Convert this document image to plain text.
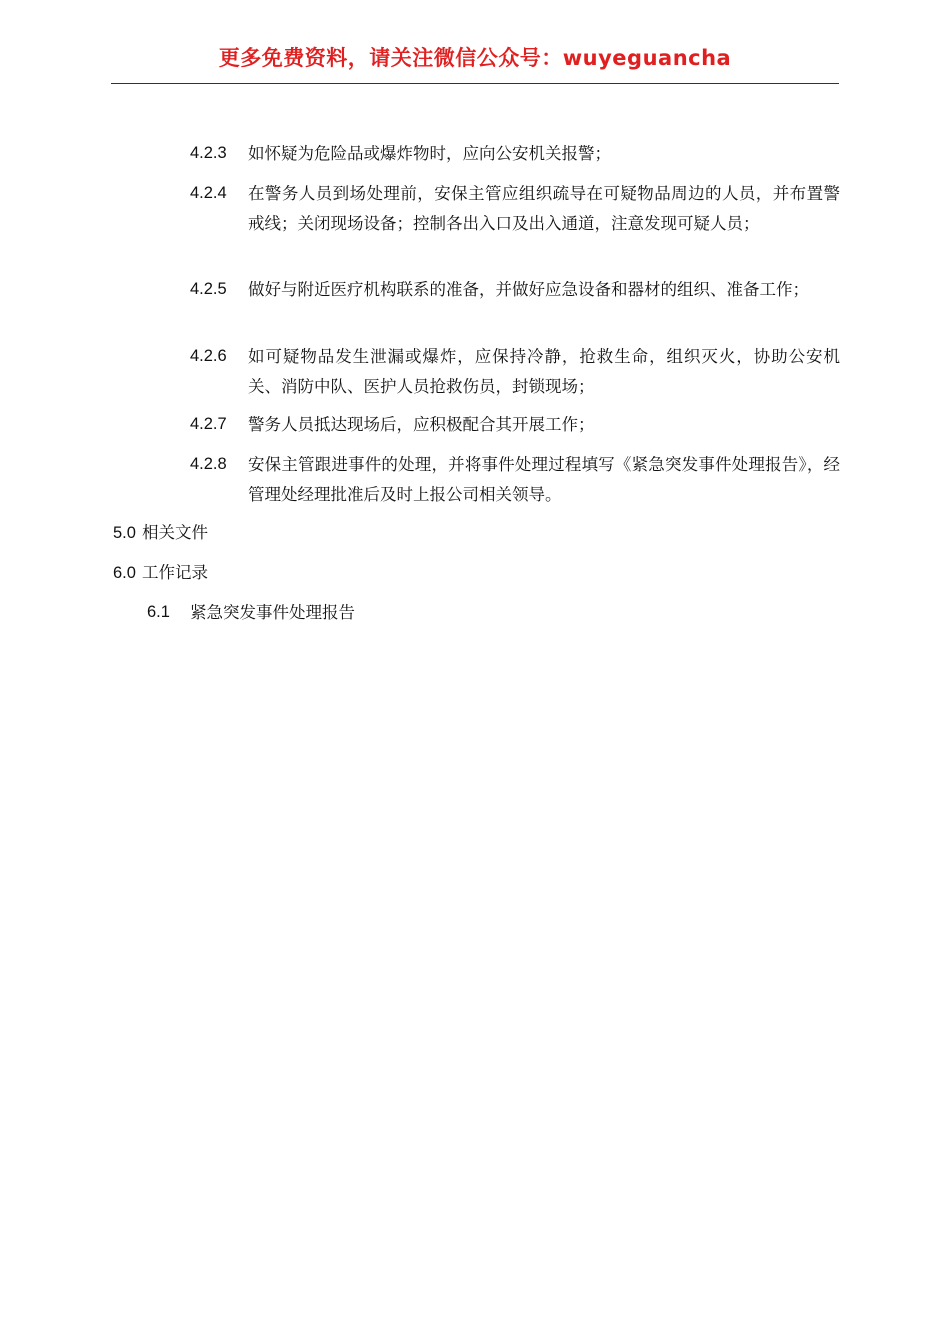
更多免费资料，请关注微信公众号：wuyeguancha
4.2.3	如怀疑为危险品或爆炸物时，应向公安机关报警；
4.2.4	在警务人员到场处理前，安保主管应组织疏导在可疑物品周边的人员，并布置警戒线；关闭现场设备；控制各出入口及出入通道，注意发现可疑人员；
4.2.5	做好与附近医疗机构联系的准备，并做好应急设备和器材的组织、准备工作；
4.2.6	如可疑物品发生泄漏或爆炸，应保持冷静，抢救生命，组织灭火，协助公安机关、消防中队、医护人员抢救伤员，封锁现场；
4.2.7	警务人员抵达现场后，应积极配合其开展工作；
4.2.8	安保主管跟进事件的处理，并将事件处理过程填写《紧急突发事件处理报告》，经管理处经理批准后及时上报公司相关领导。
5.0 相关文件
6.0 工作记录
6.1 紧急突发事件处理报告
